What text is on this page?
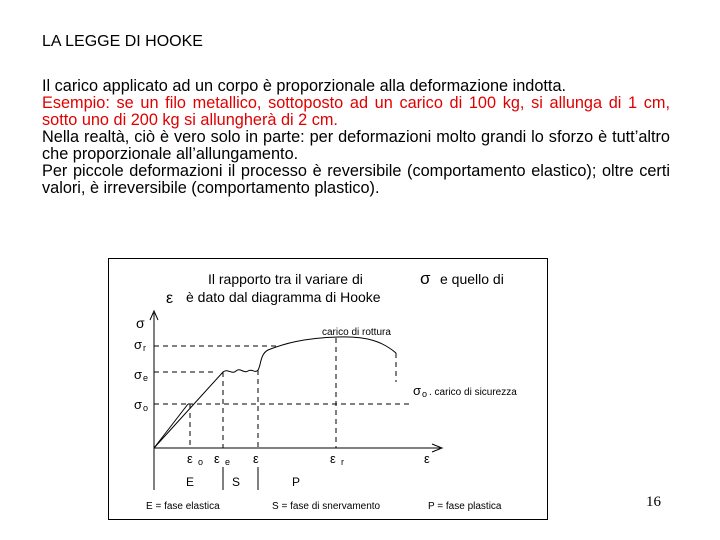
LA LEGGE DI HOOKE

Il carico applicato ad un corpo è proporzionale alla deformazione indotta.

Esempio: se un filo metallico, sottoposto ad un carico di 100 kg, si allunga di 1 cm, sotto uno di 200 kg si allungherà di 2 cm.

Nella realtà, ciò è vero solo in parte: per deformazioni molto grandi lo sforzo è tutt’altro che proporzionale all’allungamento.

Per piccole deformazioni il processo è reversibile (comportamento elastico); oltre certi valori, è irreversibile (comportamento plastico).

Il rapporto tra il variare di	σ e quello di
ε è dato dal diagramma di Hooke
σ
σ r
σ e
σ o
carico di rottura
σ o . carico di sicurezza
ε o ε e ε	ε r	ε
E	S	P
E = fase elastica	S = fase di snervamento	P = fase plastica	16
